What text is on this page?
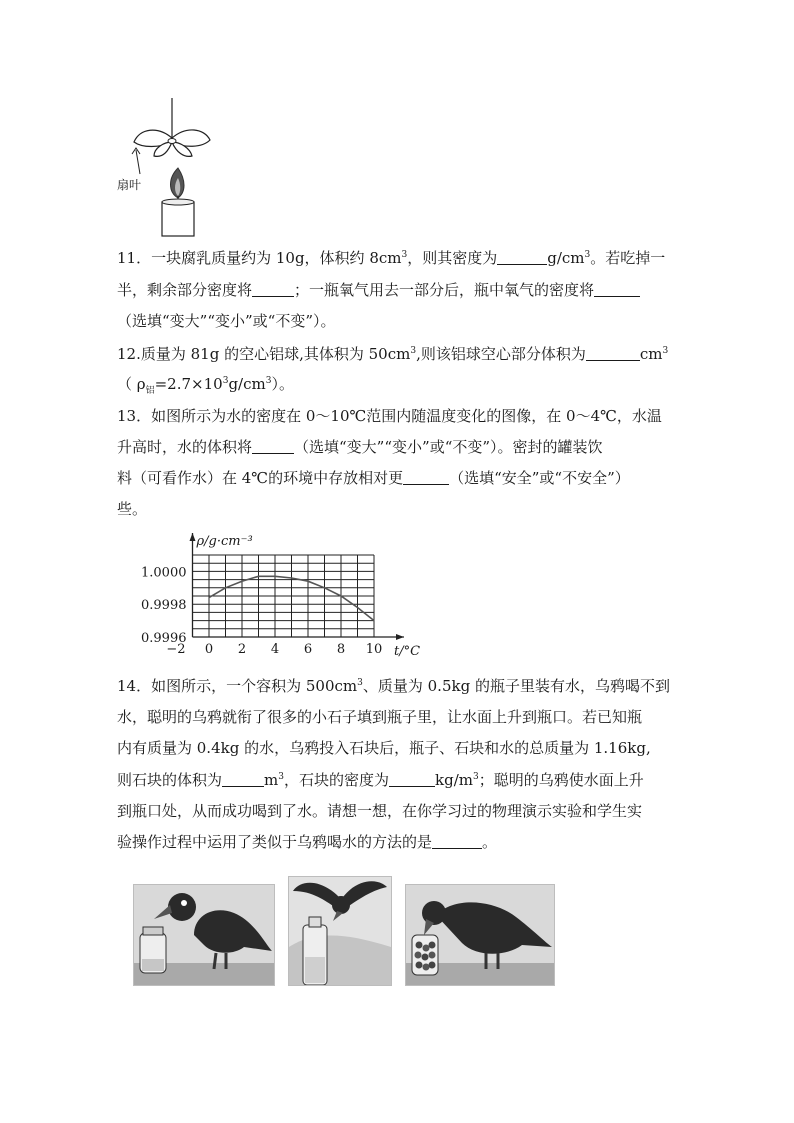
扇叶
11．一块腐乳质量约为 10g，体积约 $8cm^3$，则其密度为	$g/cm^3$。若吃掉一
半，剩余部分密度将	；一瓶氧气用去一部分后，瓶中氧气的密度将
（选填“变大”“变小”或“不变”）。
12.质量为 81g 的空心铝球,其体积为 $50cm^3$,则该铝球空心部分体积为	$cm^3$
（ $\rho_铝=2.7\times 10^3g/cm^3$）。
13．如图所示为水的密度在 0～10℃范围内随温度变化的图像，在 0～4℃，水温
升高时，水的体积将	（选填“变大”“变小”或“不变”）。密封的罐装饮
料（可看作水）在 4℃的环境中存放相对更	（选填“安全”或“不安全”）
些。
−2 0 2 4 6 8 10
1.0000
0.9998
0.9996
ρ/g·cm⁻³
t/°C
14．如图所示，一个容积为 $500cm^3$、质量为 0.5kg 的瓶子里装有水，乌鸦喝不到
水，聪明的乌鸦就衔了很多的小石子填到瓶子里，让水面上升到瓶口。若已知瓶
内有质量为 0.4kg 的水，乌鸦投入石块后，瓶子、石块和水的总质量为 1.16kg,
则石块的体积为	$m^3$，石块的密度为	$kg/m^3$；聪明的乌鸦使水面上升
到瓶口处，从而成功喝到了水。请想一想，在你学习过的物理演示实验和学生实
验操作过程中运用了类似于乌鸦喝水的方法的是	。
